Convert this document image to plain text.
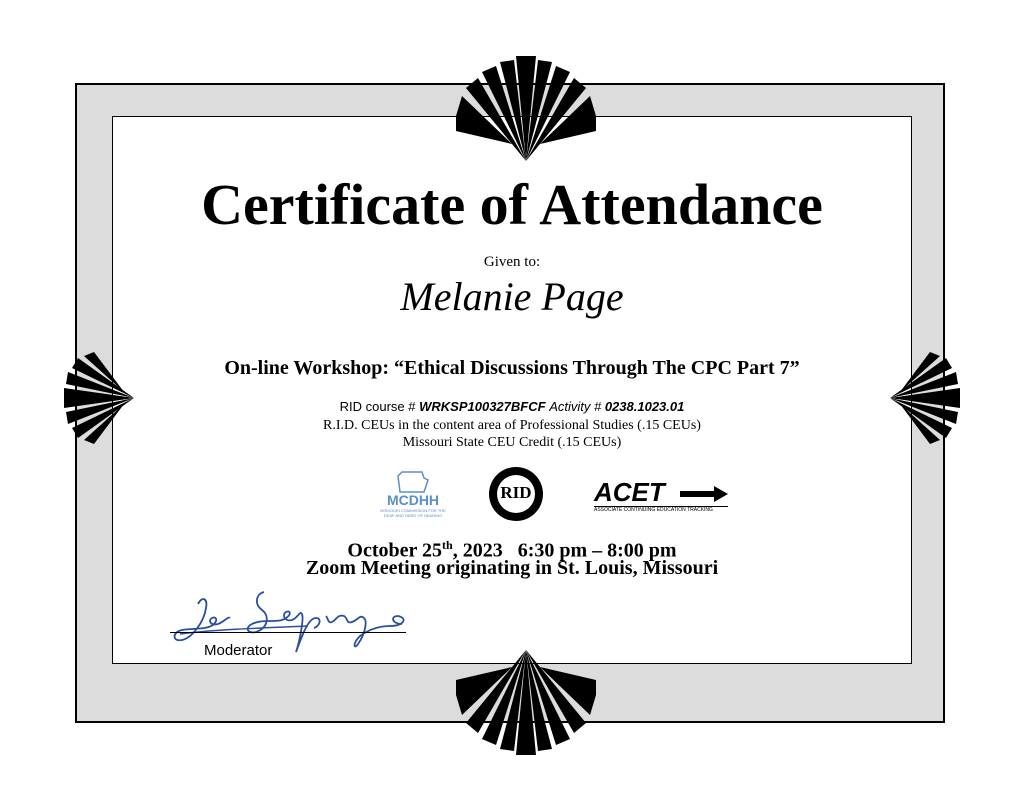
Certificate of Attendance
Given to:
Melanie Page
On-line Workshop: “Ethical Discussions Through The CPC Part 7”
RID course # WRKSP100327BFCF Activity # 0238.1023.01
R.I.D. CEUs in the content area of Professional Studies (.15 CEUs)
Missouri State CEU Credit (.15 CEUs)
MCDHH
MISSOURI COMMISSION FOR THE DEAF AND HARD OF HEARING
RID	ACET
ASSOCIATE CONTINUING EDUCATION TRACKING
October 25th, 2023   6:30 pm – 8:00 pm
Zoom Meeting originating in St. Louis, Missouri
Moderator
